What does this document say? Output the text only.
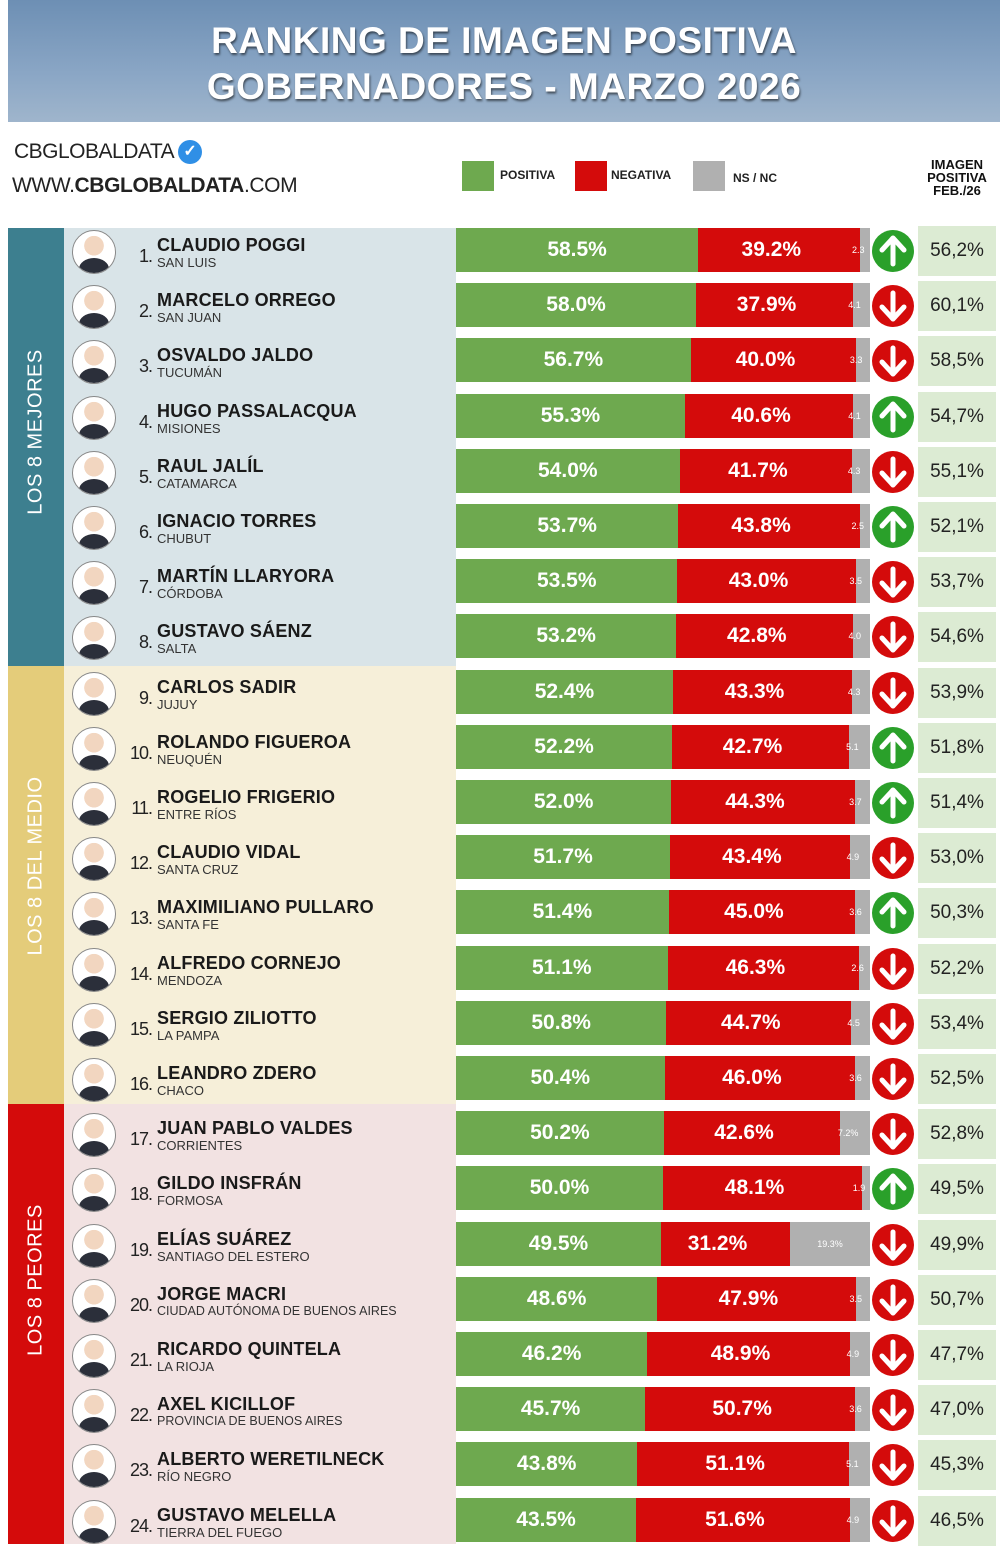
RANKING DE IMAGEN POSITIVA
GOBERNADORES - MARZO 2026
CBGLOBALDATA ✓
WWW.CBGLOBALDATA.COM	POSITIVA	NEGATIVA	NS / NC
IMAGEN
POSITIVA
FEB./26
LOS 8 MEJORES
LOS 8 DEL MEDIO
LOS 8 PEORES
1.
CLAUDIO POGGI
SAN LUIS
58.5%	39.2%	2.3	56,2%
2.
MARCELO ORREGO
SAN JUAN
58.0%	37.9%	4.1	60,1%
3.
OSVALDO JALDO
TUCUMÁN
56.7%	40.0%	3.3	58,5%
4.
HUGO PASSALACQUA
MISIONES
55.3%	40.6%	4.1	54,7%
5.
RAUL JALÍL
CATAMARCA
54.0%	41.7%	4.3	55,1%
6.
IGNACIO TORRES
CHUBUT
53.7%	43.8%	2.5	52,1%
7.
MARTÍN LLARYORA
CÓRDOBA
53.5%	43.0%	3.5	53,7%
8.
GUSTAVO SÁENZ
SALTA
53.2%	42.8%	4.0	54,6%
9.
CARLOS SADIR
JUJUY
52.4%	43.3%	4.3	53,9%
10.
ROLANDO FIGUEROA
NEUQUÉN
52.2%	42.7%	5.1	51,8%
11.
ROGELIO FRIGERIO
ENTRE RÍOS
52.0%	44.3%	3.7	51,4%
12.
CLAUDIO VIDAL
SANTA CRUZ
51.7%	43.4%	4.9	53,0%
13.
MAXIMILIANO PULLARO
SANTA FE
51.4%	45.0%	3.6	50,3%
14.
ALFREDO CORNEJO
MENDOZA
51.1%	46.3%	2.6	52,2%
15.
SERGIO ZILIOTTO
LA PAMPA
50.8%	44.7%	4.5	53,4%
16.
LEANDRO ZDERO
CHACO
50.4%	46.0%	3.6	52,5%
17.
JUAN PABLO VALDES
CORRIENTES
50.2%	42.6%	7.2%	52,8%
18.
GILDO INSFRÁN
FORMOSA
50.0%	48.1%	1.9	49,5%
19.
ELÍAS SUÁREZ
SANTIAGO DEL ESTERO
49.5%	31.2%	19.3%	49,9%
20.
JORGE MACRI
CIUDAD AUTÓNOMA DE BUENOS AIRES
48.6%	47.9%	3.5	50,7%
21.
RICARDO QUINTELA
LA RIOJA
46.2%	48.9%	4.9	47,7%
22.
AXEL KICILLOF
PROVINCIA DE BUENOS AIRES
45.7%	50.7%	3.6	47,0%
23.
ALBERTO WERETILNECK
RÍO NEGRO
43.8%	51.1%	5.1	45,3%
24.
GUSTAVO MELELLA
TIERRA DEL FUEGO
43.5%	51.6%	4.9	46,5%
